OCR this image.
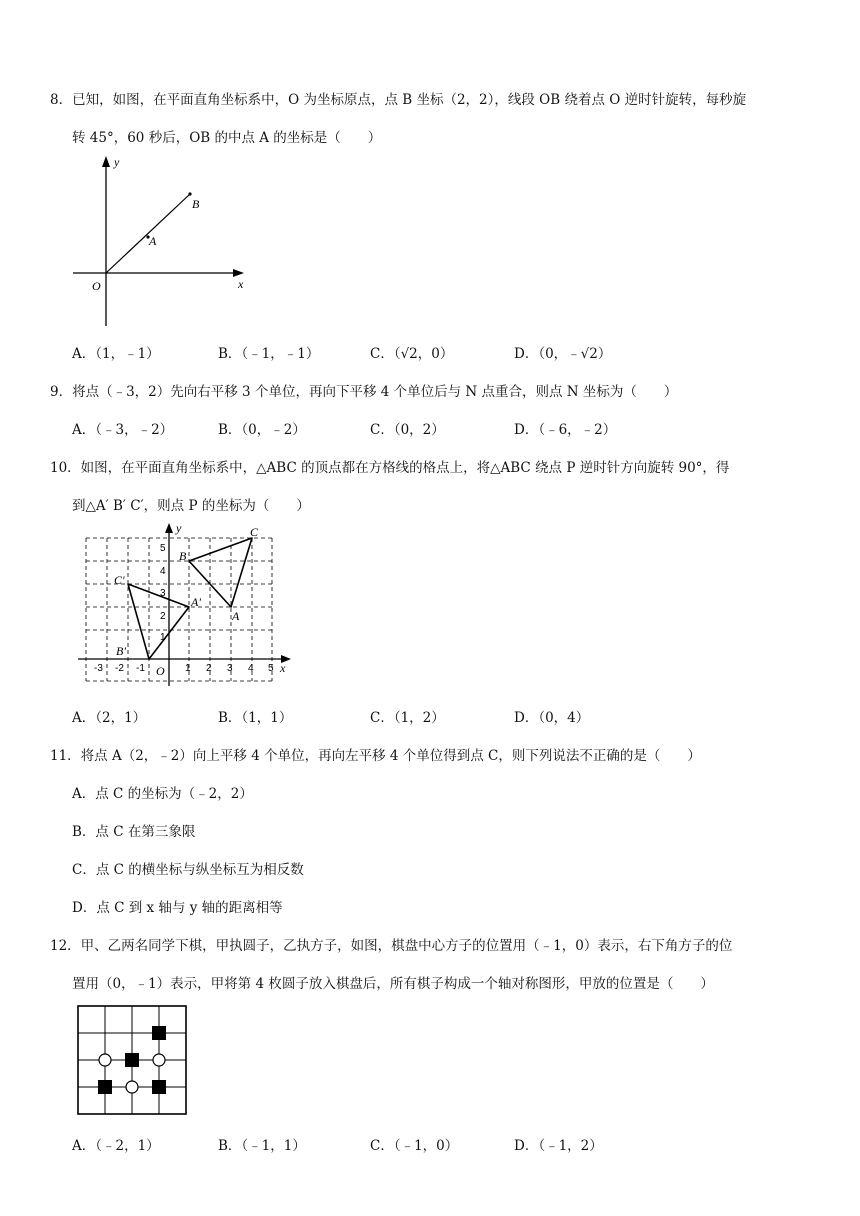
8．已知，如图，在平面直角坐标系中，O 为坐标原点，点 B 坐标（2，2），线段 OB 绕着点 O 逆时针旋转，每秒旋
转 45°，60 秒后，OB 的中点 A 的坐标是（　　）
y
x
O
A
B
A．（1，﹣1）	B．（﹣1，﹣1）	C．（√2，0）	D．（0，﹣√2）
9．将点（﹣3，2）先向右平移 3 个单位，再向下平移 4 个单位后与 N 点重合，则点 N 坐标为（　　）
A．（﹣3，﹣2）	B．（0，﹣2）	C．（0，2）	D．（﹣6，﹣2）
10．如图，在平面直角坐标系中，△ABC 的顶点都在方格线的格点上，将△ABC 绕点 P 逆时针方向旋转 90°，得
到△A′ B′ C′，则点 P 的坐标为（　　）
y
x
O
C
B
A
A'
B'
C'
-3 -2 -1	1 2 3 4 5
1
2
3
4
5
A．（2，1）	B．（1，1）	C．（1，2）	D．（0，4）
11．将点 A（2，﹣2）向上平移 4 个单位，再向左平移 4 个单位得到点 C，则下列说法不正确的是（　　）
A．点 C 的坐标为（﹣2，2）
B．点 C 在第三象限
C．点 C 的横坐标与纵坐标互为相反数
D．点 C 到 x 轴与 y 轴的距离相等
12．甲、乙两名同学下棋，甲执圆子，乙执方子，如图，棋盘中心方子的位置用（﹣1，0）表示，右下角方子的位
置用（0，﹣1）表示，甲将第 4 枚圆子放入棋盘后，所有棋子构成一个轴对称图形，甲放的位置是（　　）
A．（﹣2，1）	B．（﹣1，1）	C．（﹣1，0）	D．（﹣1，2）
